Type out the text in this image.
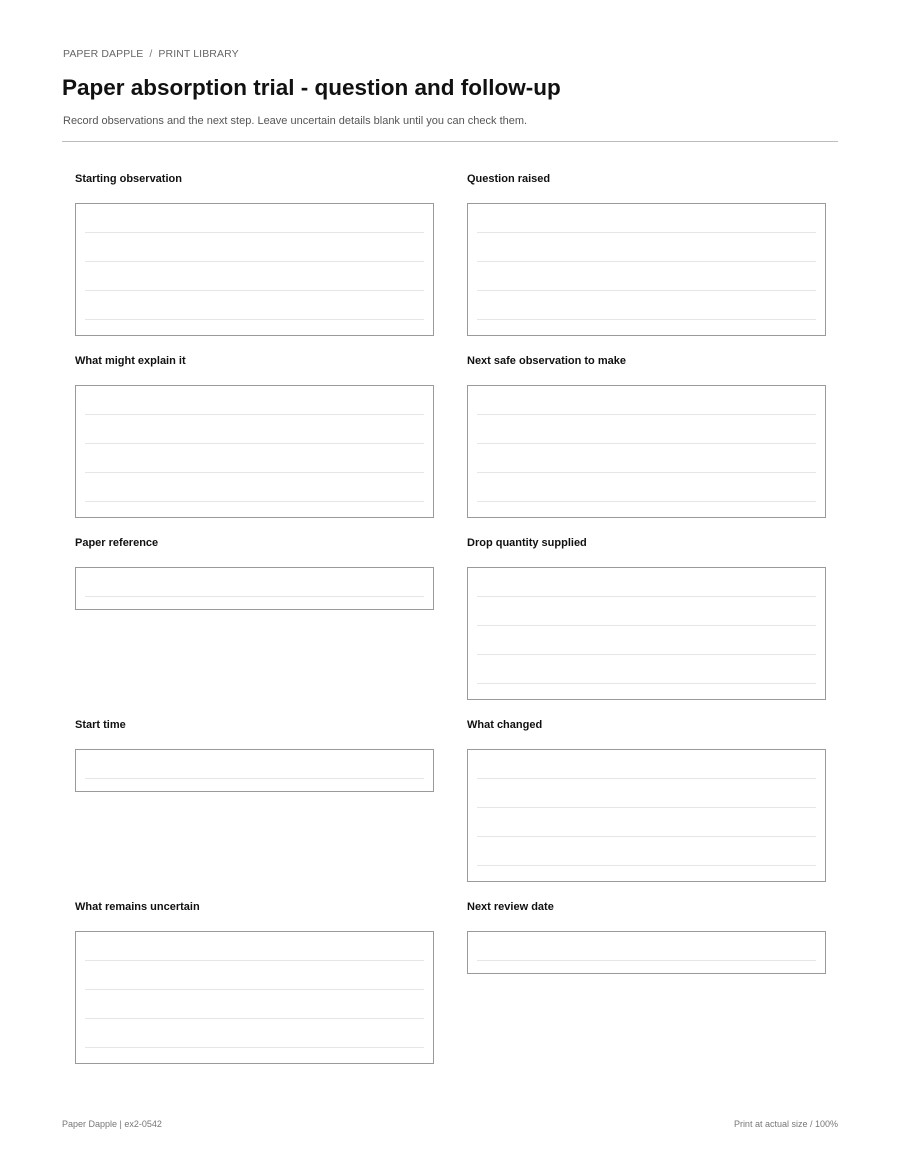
PAPER DAPPLE / PRINT LIBRARY
Paper absorption trial - question and follow-up

Record observations and the next step. Leave uncertain details blank until you can check them.

Starting observation	Question raised
What might explain it	Next safe observation to make
Paper reference	Drop quantity supplied
Start time	What changed
What remains uncertain	Next review date
Paper Dapple | ex2-0542	Print at actual size / 100%
